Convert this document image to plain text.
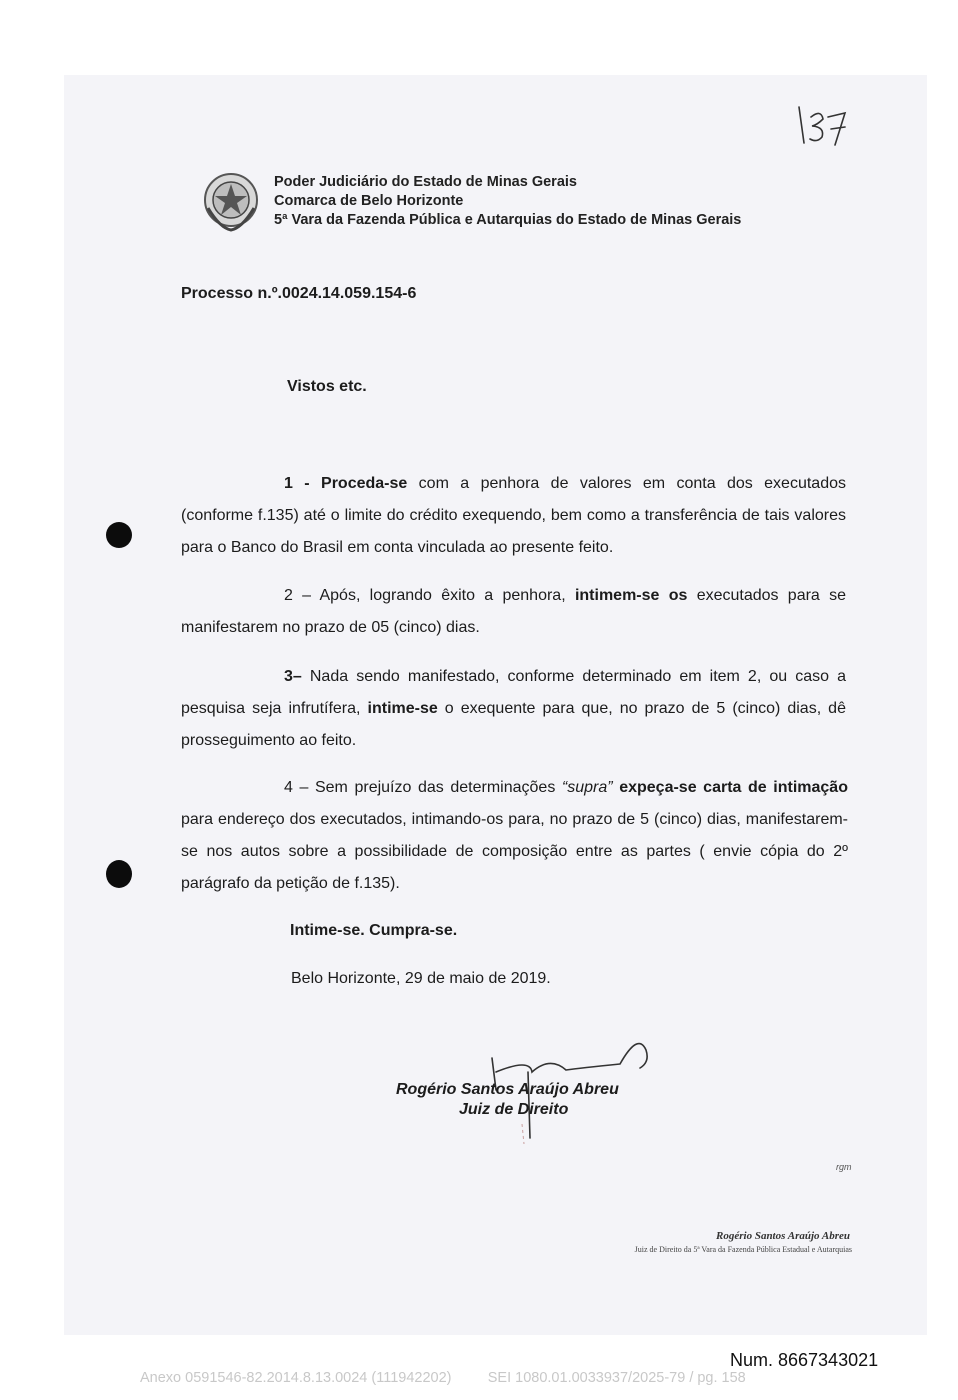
Poder Judiciário do Estado de Minas Gerais
Comarca de Belo Horizonte
5ª Vara da Fazenda Pública e Autarquias do Estado de Minas Gerais
Processo n.º.0024.14.059.154-6
Vistos etc.
1 - Proceda-se com a penhora de valores em conta dos executados (conforme f.135) até o limite do crédito exequendo, bem como a transferência de tais valores para o Banco do Brasil em conta vinculada ao presente feito.
2 – Após, logrando êxito a penhora, intimem-se os executados para se manifestarem no prazo de 05 (cinco) dias.
3– Nada sendo manifestado, conforme determinado em item 2, ou caso a pesquisa seja infrutífera, intime-se o exequente para que, no prazo de 5 (cinco) dias, dê prosseguimento ao feito.
4 – Sem prejuízo das determinações “supra” expeça-se carta de intimação para endereço dos executados, intimando-os para, no prazo de 5 (cinco) dias, manifestarem-se nos autos sobre a possibilidade de composição entre as partes ( envie cópia do 2º parágrafo da petição de f.135).
Intime-se. Cumpra-se.
Belo Horizonte, 29 de maio de 2019.
Rogério Santos Araújo Abreu
Juiz de Direito
rgm
Rogério Santos Araújo Abreu
Juiz de Direito da 5ª Vara da Fazenda Pública Estadual e Autarquias
Num. 8667343021
Anexo 0591546-82.2014.8.13.0024 (111942202)	SEI 1080.01.0033937/2025-79 / pg. 158
